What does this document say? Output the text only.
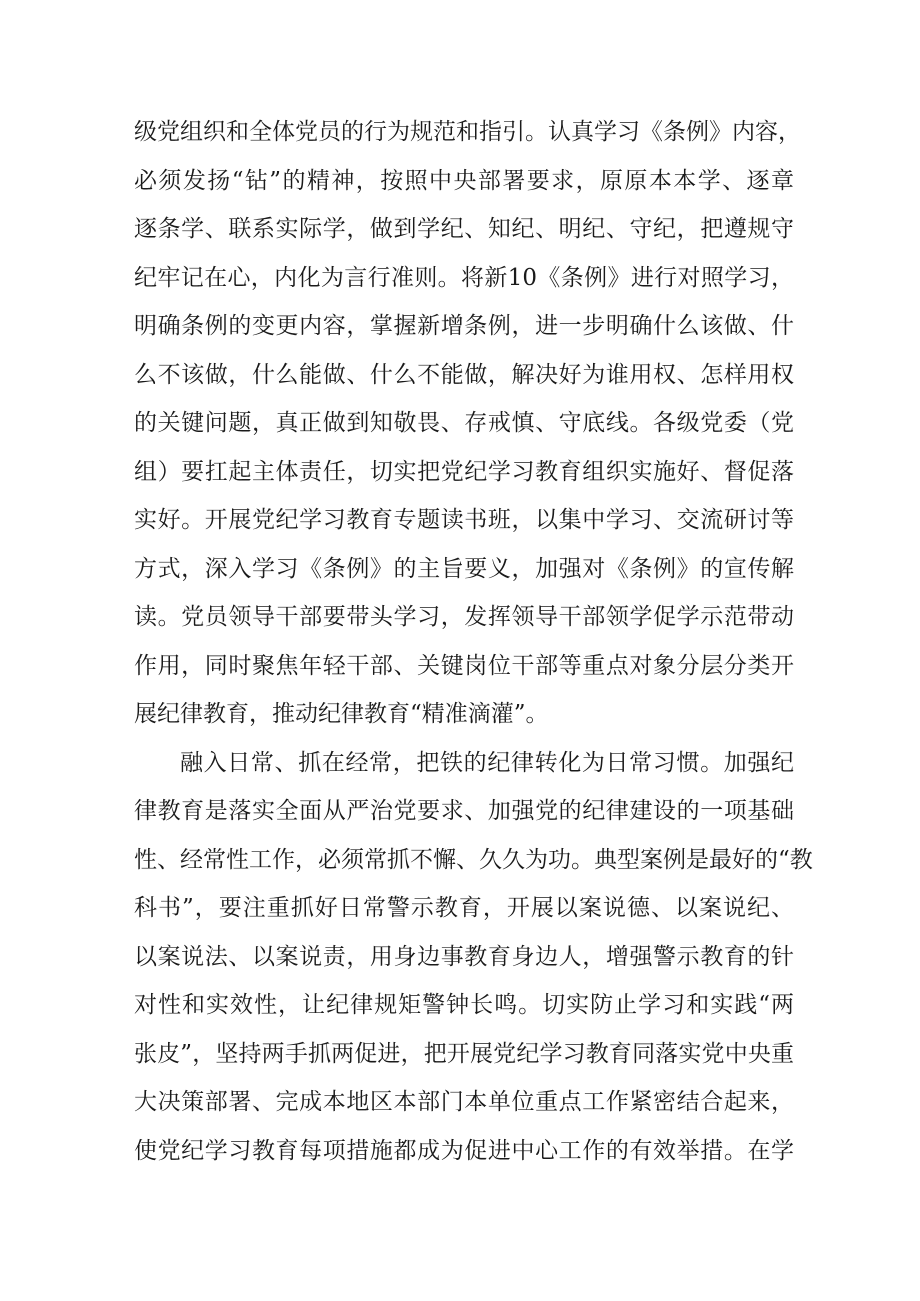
级党组织和全体党员的行为规范和指引。认真学习《条例》内容，
必须发扬“钻”的精神，按照中央部署要求，原原本本学、逐章
逐条学、联系实际学，做到学纪、知纪、明纪、守纪，把遵规守
纪牢记在心，内化为言行准则。将新10《条例》进行对照学习，
明确条例的变更内容，掌握新增条例，进一步明确什么该做、什
么不该做，什么能做、什么不能做，解决好为谁用权、怎样用权
的关键问题，真正做到知敬畏、存戒慎、守底线。各级党委（党
组）要扛起主体责任，切实把党纪学习教育组织实施好、督促落
实好。开展党纪学习教育专题读书班，以集中学习、交流研讨等
方式，深入学习《条例》的主旨要义，加强对《条例》的宣传解
读。党员领导干部要带头学习，发挥领导干部领学促学示范带动
作用，同时聚焦年轻干部、关键岗位干部等重点对象分层分类开
展纪律教育，推动纪律教育“精准滴灌”。
融入日常、抓在经常，把铁的纪律转化为日常习惯。加强纪
律教育是落实全面从严治党要求、加强党的纪律建设的一项基础
性、经常性工作，必须常抓不懈、久久为功。典型案例是最好的“教
科书”，要注重抓好日常警示教育，开展以案说德、以案说纪、
以案说法、以案说责，用身边事教育身边人，增强警示教育的针
对性和实效性，让纪律规矩警钟长鸣。切实防止学习和实践“两
张皮”，坚持两手抓两促进，把开展党纪学习教育同落实党中央重
大决策部署、完成本地区本部门本单位重点工作紧密结合起来，
使党纪学习教育每项措施都成为促进中心工作的有效举措。在学
